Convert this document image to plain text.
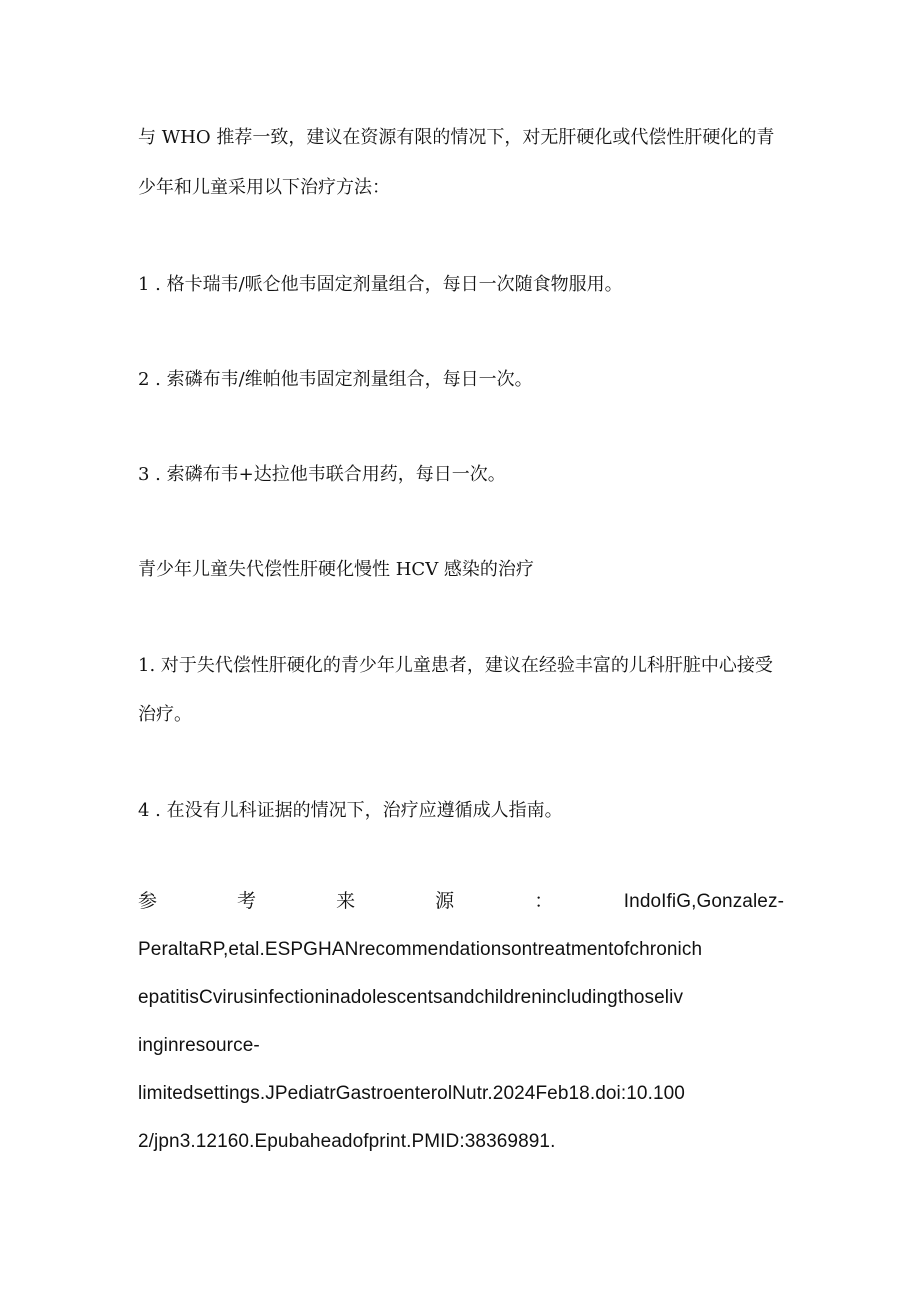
与 WHO 推荐一致，建议在资源有限的情况下，对无肝硬化或代偿性肝硬化的青
少年和儿童采用以下治疗方法：
1 . 格卡瑞韦/哌仑他韦固定剂量组合，每日一次随食物服用。
2 . 索磷布韦/维帕他韦固定剂量组合，每日一次。
3 . 索磷布韦+达拉他韦联合用药，每日一次。
青少年儿童失代偿性肝硬化慢性 HCV 感染的治疗
1. 对于失代偿性肝硬化的青少年儿童患者，建议在经验丰富的儿科肝脏中心接受
治疗。
4 . 在没有儿科证据的情况下，治疗应遵循成人指南。
参　考　来　源　：　IndoIfiG,Gonzalez-
PeraltaRP,etal.ESPGHANrecommendationsontreatmentofchronich
epatitisCvirusinfectioninadolescentsandchildrenincludingthoseliv
inginresource-
limitedsettings.JPediatrGastroenterolNutr.2024Feb18.doi:10.100
2/jpn3.12160.Epubaheadofprint.PMID:38369891.
